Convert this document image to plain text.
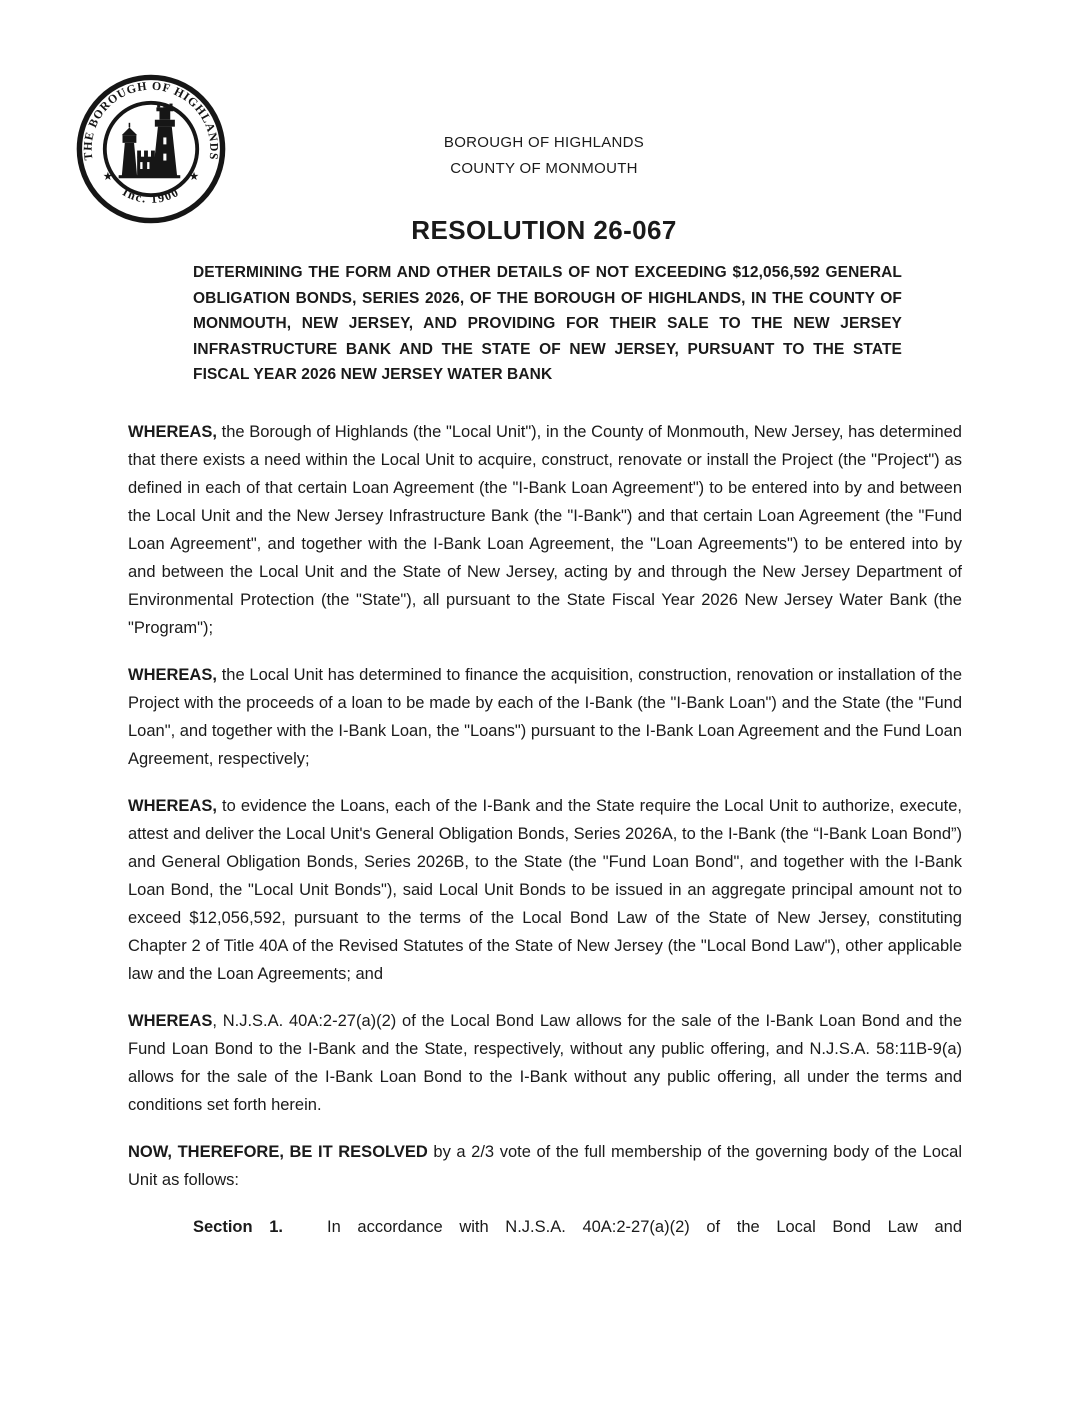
THE BOROUGH OF HIGHLANDS
Inc. 1900
★	★
BOROUGH OF HIGHLANDS
COUNTY OF MONMOUTH
RESOLUTION 26-067

DETERMINING THE FORM AND OTHER DETAILS OF NOT EXCEEDING $12,056,592 GENERAL OBLIGATION BONDS, SERIES 2026, OF THE BOROUGH OF HIGHLANDS, IN THE COUNTY OF MONMOUTH, NEW JERSEY, AND PROVIDING FOR THEIR SALE TO THE NEW JERSEY INFRASTRUCTURE BANK AND THE STATE OF NEW JERSEY, PURSUANT TO THE STATE FISCAL YEAR 2026 NEW JERSEY WATER BANK

WHEREAS, the Borough of Highlands (the "Local Unit"), in the County of Monmouth, New Jersey, has determined that there exists a need within the Local Unit to acquire, construct, renovate or install the Project (the "Project") as defined in each of that certain Loan Agreement (the "I-Bank Loan Agreement") to be entered into by and between the Local Unit and the New Jersey Infrastructure Bank (the "I-Bank") and that certain Loan Agreement (the "Fund Loan Agreement", and together with the I-Bank Loan Agreement, the "Loan Agreements") to be entered into by and between the Local Unit and the State of New Jersey, acting by and through the New Jersey Department of Environmental Protection (the "State"), all pursuant to the State Fiscal Year 2026 New Jersey Water Bank (the "Program");

WHEREAS, the Local Unit has determined to finance the acquisition, construction, renovation or installation of the Project with the proceeds of a loan to be made by each of the I-Bank (the "I-Bank Loan") and the State (the "Fund Loan", and together with the I-Bank Loan, the "Loans") pursuant to the I-Bank Loan Agreement and the Fund Loan Agreement, respectively;

WHEREAS, to evidence the Loans, each of the I-Bank and the State require the Local Unit to authorize, execute, attest and deliver the Local Unit's General Obligation Bonds, Series 2026A, to the I-Bank (the “I-Bank Loan Bond”) and General Obligation Bonds, Series 2026B, to the State (the "Fund Loan Bond", and together with the I-Bank Loan Bond, the "Local Unit Bonds"), said Local Unit Bonds to be issued in an aggregate principal amount not to exceed $12,056,592, pursuant to the terms of the Local Bond Law of the State of New Jersey, constituting Chapter 2 of Title 40A of the Revised Statutes of the State of New Jersey (the "Local Bond Law"), other applicable law and the Loan Agreements; and

WHEREAS, N.J.S.A. 40A:2-27(a)(2) of the Local Bond Law allows for the sale of the I-Bank Loan Bond and the Fund Loan Bond to the I-Bank and the State, respectively, without any public offering, and N.J.S.A. 58:11B-9(a) allows for the sale of the I-Bank Loan Bond to the I-Bank without any public offering, all under the terms and conditions set forth herein.

NOW, THEREFORE, BE IT RESOLVED by a 2/3 vote of the full membership of the governing body of the Local Unit as follows:

Section 1.	In accordance with N.J.S.A. 40A:2-27(a)(2) of the Local Bond Law and
